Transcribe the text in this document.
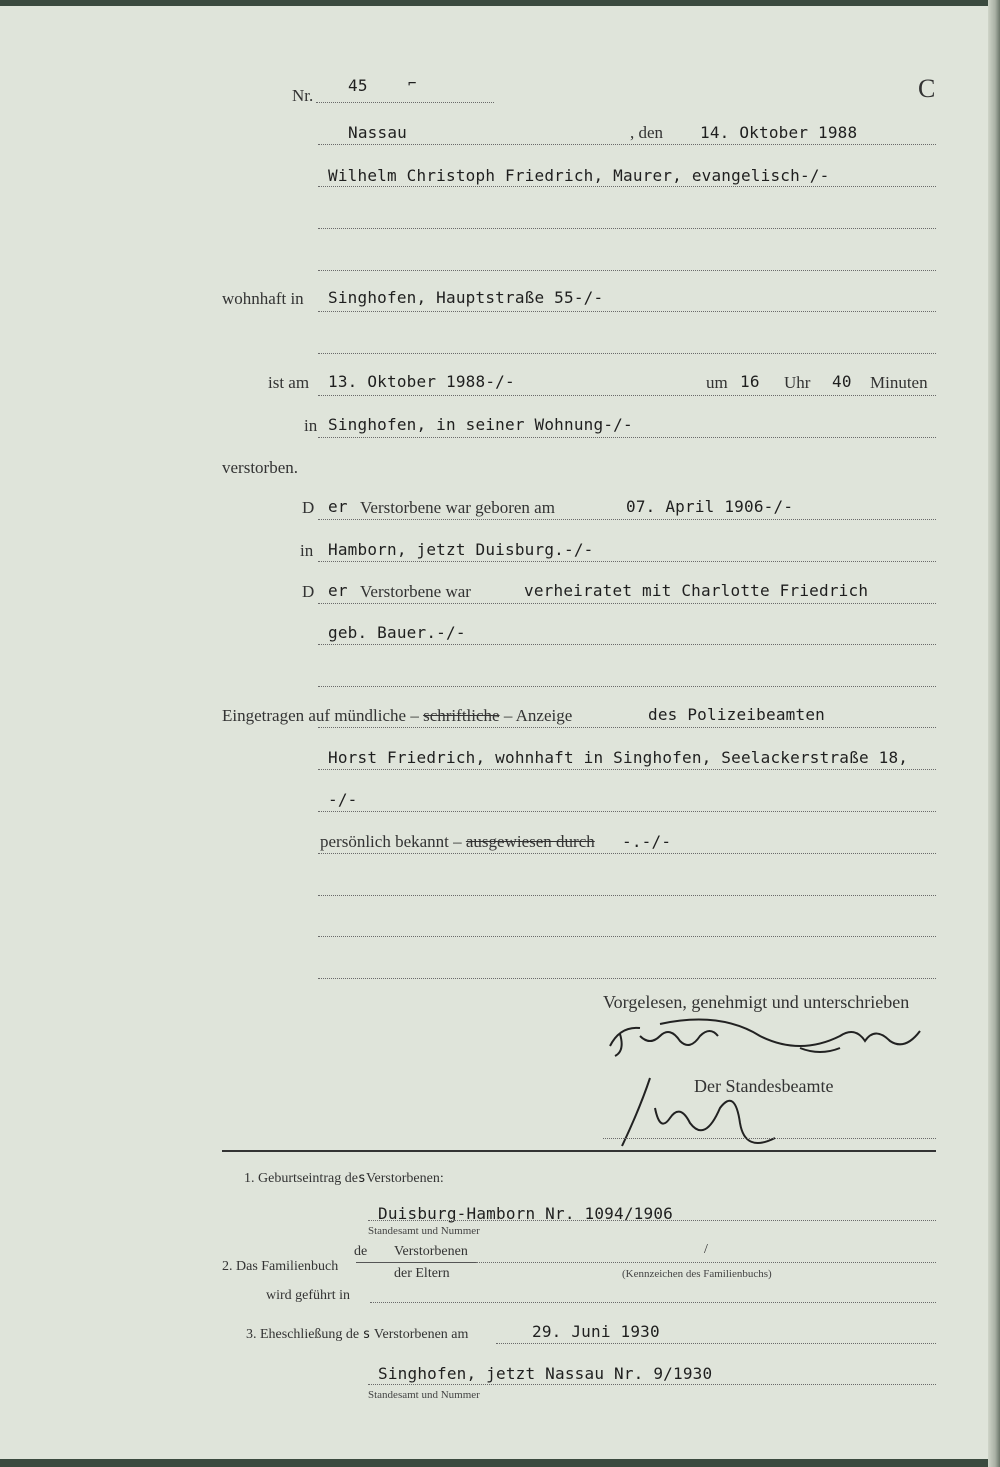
Nr.
45	⌐	C
Nassau	, den 14. Oktober 1988
Wilhelm Christoph Friedrich, Maurer, evangelisch-/-
wohnhaft in Singhofen, Hauptstraße 55-/-
ist am 13. Oktober 1988-/-	um 16 Uhr 40 Minuten
in Singhofen, in seiner Wohnung-/-
verstorben.
D er Verstorbene war geboren am	07. April 1906-/-
in Hamborn, jetzt Duisburg.-/-
D er Verstorbene war	verheiratet mit Charlotte Friedrich
geb. Bauer.-/-
Eingetragen auf mündliche – schriftliche – Anzeige	des Polizeibeamten
Horst Friedrich, wohnhaft in Singhofen, Seelackerstraße 18,
-/-
persönlich bekannt – ausgewiesen durch -.-/-
Vorgelesen, genehmigt und unterschrieben
Der Standesbeamte
1. Geburtseintrag desVerstorbenen:
Duisburg-Hamborn Nr. 1094/1906
Standesamt und Nummer
2. Das Familienbuch
de Verstorbenen
der Eltern
/
(Kennzeichen des Familienbuchs)
wird geführt in
3. Eheschließung de s Verstorbenen am	29. Juni 1930
Singhofen, jetzt Nassau Nr. 9/1930
Standesamt und Nummer
